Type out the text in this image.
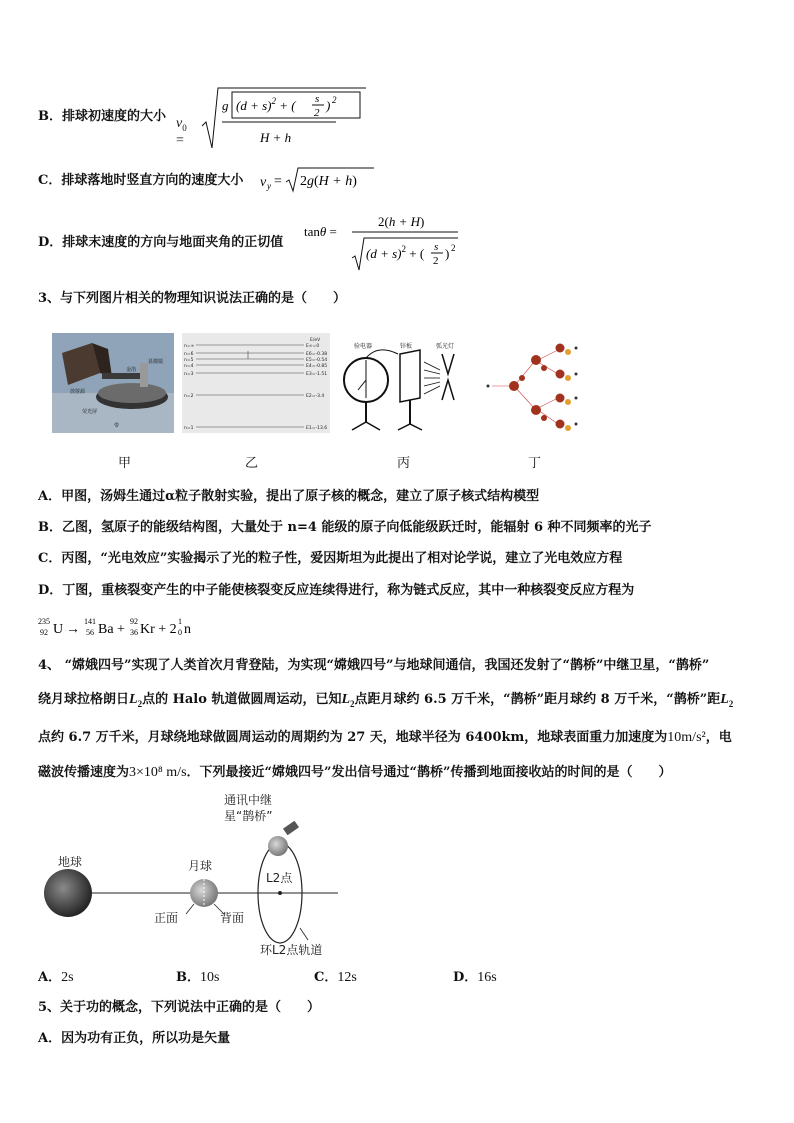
B．排球初速度的大小 $v_0$ =
g $(d + s)^2$ + ( s
2 ) 2
H + h
C．排球落地时竖直方向的速度大小 v y = 2g(H + h)
D．排球末速度的方向与地面夹角的正切值
tanθ =
2(h + H)
$(d + s)^2$ + ( s
2 ) 2
3、与下列图片相关的物理知识说法正确的是（　　）
金箔
显微镜
放射源
荧光屏
带
E/eV
n=∞
n=6
n=5
n=4
n=3
n=2
n=1
E∞=0
E6=-0.38
E5=-0.54
E4=-0.85
E3=-1.51
E2=-3.4
E1=-13.6
验电器	锌板	弧光灯
甲	乙	丙	丁
A．甲图，汤姆生通过α粒子散射实验，提出了原子核的概念，建立了原子核式结构模型
B．乙图，氢原子的能级结构图，大量处于 n=4 能级的原子向低能级跃迁时，能辐射 6 种不同频率的光子
C．丙图，“光电效应”实验揭示了光的粒子性，爱因斯坦为此提出了相对论学说，建立了光电效应方程
D．丁图，重核裂变产生的中子能使核裂变反应连续得进行，称为链式反应，其中一种核裂变反应方程为
235
92 U →
141
56 Ba +
92
36 Kr + 2
1
0 n
4、 “嫦娥四号”实现了人类首次月背登陆，为实现“嫦娥四号”与地球间通信，我国还发射了“鹊桥”中继卫星，“鹊桥”
绕月球拉格朗日$L_2$点的 Halo 轨道做圆周运动，已知$L_2$点距月球约 6.5 万千米，“鹊桥”距月球约 8 万千米，“鹊桥”距$L_2$
点约 6.7 万千米，月球绕地球做圆周运动的周期约为 27 天，地球半径为 6400km，地球表面重力加速度为10m/s²，电
磁波传播速度为3×10⁸ m/s．下列最接近“嫦娥四号”发出信号通过“鹊桥”传播到地面接收站的时间的是（　　）
地球	月球
正面	背面
L2点
通讯中继
星“鹊桥”
环L2点轨道
A．2s	B．10s	C．12s	D．16s
5、关于功的概念，下列说法中正确的是（　　）
A．因为功有正负，所以功是矢量
